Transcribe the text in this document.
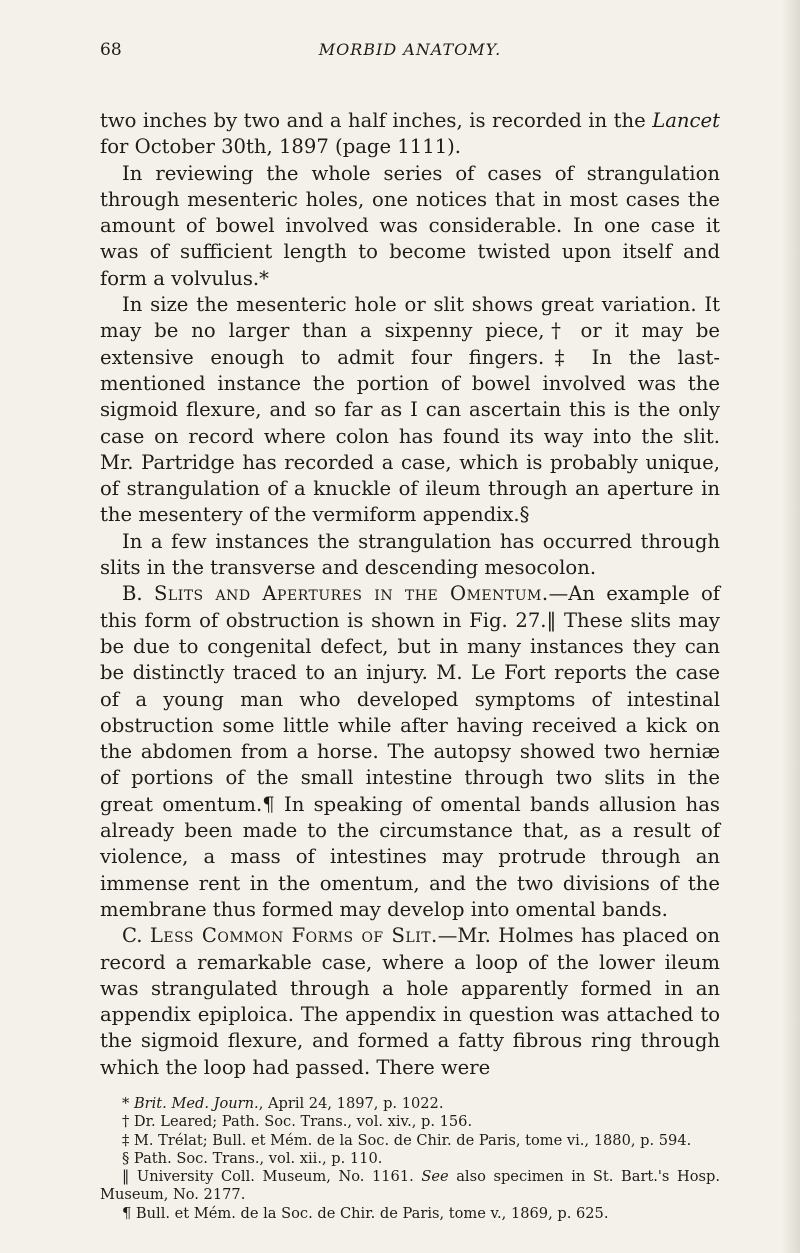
68	MORBID ANATOMY.

two inches by two and a half inches, is recorded in the Lancet for October 30th, 1897 (page 1111).

In reviewing the whole series of cases of strangulation through mesenteric holes, one notices that in most cases the amount of bowel involved was considerable. In one case it was of sufficient length to become twisted upon itself and form a volvulus.*

In size the mesenteric hole or slit shows great variation. It may be no larger than a sixpenny piece,† or it may be extensive enough to admit four fingers.‡ In the last-mentioned instance the portion of bowel involved was the sigmoid flexure, and so far as I can ascertain this is the only case on record where colon has found its way into the slit. Mr. Partridge has recorded a case, which is probably unique, of strangulation of a knuckle of ileum through an aperture in the mesentery of the vermiform appendix.§

In a few instances the strangulation has occurred through slits in the transverse and descending mesocolon.

B. Slits and Apertures in the Omentum.—An example of this form of obstruction is shown in Fig. 27.‖ These slits may be due to congenital defect, but in many instances they can be distinctly traced to an injury. M. Le Fort reports the case of a young man who developed symptoms of intestinal obstruction some little while after having received a kick on the abdomen from a horse. The autopsy showed two herniæ of portions of the small intestine through two slits in the great omentum.¶ In speaking of omental bands allusion has already been made to the circumstance that, as a result of violence, a mass of intestines may protrude through an immense rent in the omentum, and the two divisions of the membrane thus formed may develop into omental bands.

C. Less Common Forms of Slit.—Mr. Holmes has placed on record a remarkable case, where a loop of the lower ileum was strangulated through a hole apparently formed in an appendix epiploica. The appendix in question was attached to the sigmoid flexure, and formed a fatty fibrous ring through which the loop had passed. There were

* Brit. Med. Journ., April 24, 1897, p. 1022.

† Dr. Leared; Path. Soc. Trans., vol. xiv., p. 156.

‡ M. Trélat; Bull. et Mém. de la Soc. de Chir. de Paris, tome vi., 1880, p. 594.

§ Path. Soc. Trans., vol. xii., p. 110.

‖ University Coll. Museum, No. 1161. See also specimen in St. Bart.'s Hosp. Museum, No. 2177.

¶ Bull. et Mém. de la Soc. de Chir. de Paris, tome v., 1869, p. 625.
